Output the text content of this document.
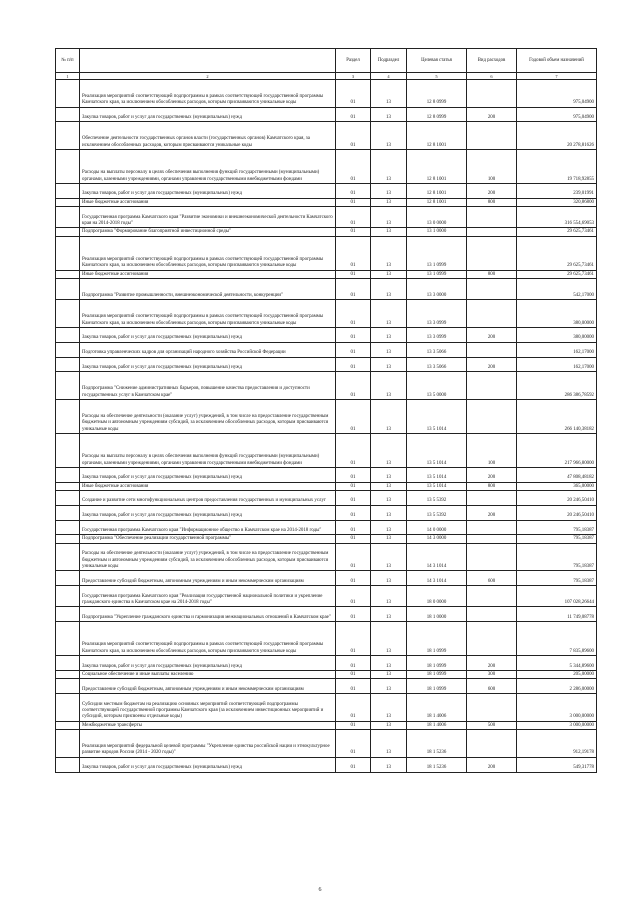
№ п/п		Раздел	Подраздел	Целевая статья	Вид расходов	Годовой объем назначений
1	2	3	4	5	6	7
	Реализация мероприятий соответствующей подпрограммы в рамках соответствующей государственной программы Камчатского края, за исключением обособленных расходов, которым присваиваются уникальные коды	01	13	12 8 0999		975,04900
	Закупка товаров, работ и услуг для государственных (муниципальных) нужд	01	13	12 8 0999	200	975,04900
	Обеспечение деятельности государственных органов власти (государственных органов) Камчатского края, за исключением обособленных расходов, которым присваиваются уникальные коды	01	13	12 8 1001		20 278,81626
	Расходы на выплаты персоналу в целях обеспечения выполнения функций государственными (муниципальными) органами, казенными учреждениями, органами управления государственными внебюджетными фондами	01	13	12 8 1001	100	19 718,92855
	Закупка товаров, работ и услуг для государственных (муниципальных) нужд	01	13	12 8 1001	200	239,01991
	Иные бюджетные ассигнования	01	13	12 8 1001	800	320,86800
	Государственная программа Камчатского края "Развитие экономики и внешнеэкономической деятельности Камчатского края на 2014-2018 годы"	01	13	13 0 0000		316 554,69053
	Подпрограмма "Формирование благоприятной инвестиционной среды"	01	13	13 1 0000		29 625,73461
	Реализация мероприятий соответствующей подпрограммы в рамках соответствующей государственной программы Камчатского края, за исключением обособленных расходов, которым присваиваются уникальные коды	01	13	13 1 0999		29 625,73461
	Иные бюджетные ассигнования	01	13	13 1 0999	800	29 625,73461
	Подпрограмма "Развитие промышленности, внешнеэкономической деятельности, конкуренции"	01	13	13 3 0000		542,17000
	Реализация мероприятий соответствующей подпрограммы в рамках соответствующей государственной программы Камчатского края, за исключением обособленных расходов, которым присваиваются уникальные коды	01	13	13 3 0999		380,00000
	Закупка товаров, работ и услуг для государственных (муниципальных) нужд	01	13	13 3 0999	200	380,00000
	Подготовка управленческих кадров для организаций народного хозяйства Российской Федерации	01	13	13 3 5066		162,17000
	Закупка товаров, работ и услуг для государственных (муниципальных) нужд	01	13	13 3 5066	200	162,17000
	Подпрограмма "Снижение административных барьеров, повышение качества предоставления и доступности государственных услуг в Камчатском крае"	01	13	13 5 0000		286 386,78592
	Расходы на обеспечение деятельности (оказание услуг) учреждений, в том числе на предоставление государственным бюджетным и автономным учреждениям субсидий, за исключением обособленных расходов, которым присваиваются уникальные коды	01	13	13 5 1014		266 140,38182
	Расходы на выплаты персоналу в целях обеспечения выполнения функций государственными (муниципальными) органами, казенными учреждениями, органами управления государственными внебюджетными фондами	01	13	13 5 1014	100	217 966,80000
	Закупка товаров, работ и услуг для государственных (муниципальных) нужд	01	13	13 5 1014	200	47 808,48182
	Иные бюджетные ассигнования	01	13	13 5 1014	800	365,00000
	Создание и развитие сети многофункциональных центров предоставления государственных и муниципальных услуг	01	13	13 5 5392		20 246,50410
	Закупка товаров, работ и услуг для государственных (муниципальных) нужд	01	13	13 5 5392	200	20 246,50410
	Государственная программа Камчатского края "Информационное общество в Камчатском крае на 2014-2018 годы"	01	13	14 0 0000		795,18387
	Подпрограмма "Обеспечение реализации государственной программы"	01	13	14 3 0000		795,18387
	Расходы на обеспечение деятельности (оказание услуг) учреждений, в том числе на предоставление государственным бюджетным и автономным учреждениям субсидий, за исключением обособленных расходов, которым присваиваются уникальные коды	01	13	14 3 1014		795,18387
	Предоставление субсидий бюджетным, автономным учреждениям и иным некоммерческим организациям	01	13	14 3 1014	600	795,18387
	Государственная программа Камчатского края "Реализация государственной национальной политики и укрепление гражданского единства в Камчатском крае на 2014-2018 годы"	01	13	18 0 0000		107 028,26644
	Подпрограмма "Укрепление гражданского единства и гармонизация межнациональных отношений в Камчатском крае"	01	13	18 1 0000		11 749,08778
	Реализация мероприятий соответствующей подпрограммы в рамках соответствующей государственной программы Камчатского края, за исключением обособленных расходов, которым присваиваются уникальные коды	01	13	18 1 0999		7 835,89600
	Закупка товаров, работ и услуг для государственных (муниципальных) нужд	01	13	18 1 0999	200	5 344,89600
	Социальное обеспечение и иные выплаты населению	01	13	18 1 0999	300	205,00000
	Предоставление субсидий бюджетным, автономным учреждениям и иным некоммерческим организациям	01	13	18 1 0999	600	2 286,00000
	Субсидии местным бюджетам на реализацию основных мероприятий соответствующей подпрограммы соответствующей государственной программы Камчатского края (за исключением инвестиционных мероприятий и субсидий, которым присвоены отдельные коды)	01	13	18 1 4006		3 000,00000
	Межбюджетные трансферты	01	13	18 1 4006	500	3 000,00000
	Реализация мероприятий федеральной целевой программы "Укрепление единства российской нации и этнокультурное развитие народов России (2014 - 2020 годы)"	01	13	18 1 5236		912,19178
	Закупка товаров, работ и услуг для государственных (муниципальных) нужд	01	13	18 1 5236	200	549,31778
6
